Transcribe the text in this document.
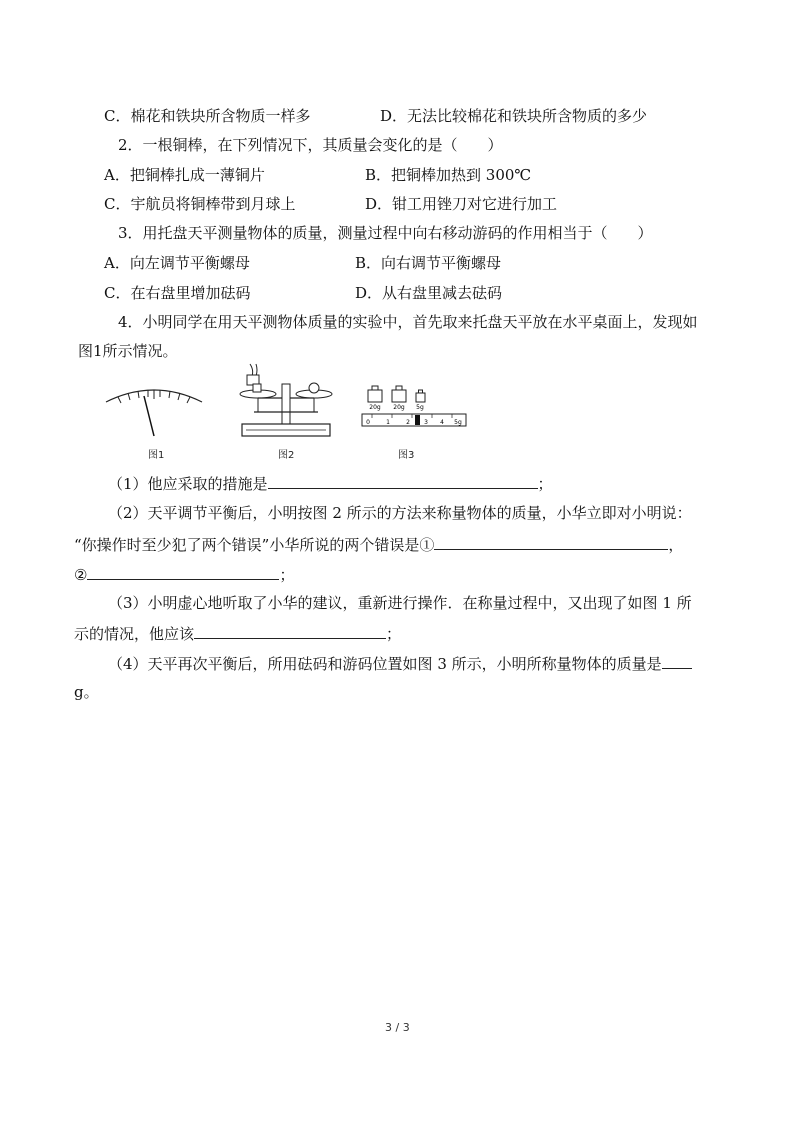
C．棉花和铁块所含物质一样多	D．无法比较棉花和铁块所含物质的多少
2．一根铜棒，在下列情况下，其质量会变化的是（　　）
A．把铜棒扎成一薄铜片	B．把铜棒加热到 300℃
C．宇航员将铜棒带到月球上	D．钳工用锉刀对它进行加工
3．用托盘天平测量物体的质量，测量过程中向右移动游码的作用相当于（　　）
A．向左调节平衡螺母	B．向右调节平衡螺母
C．在右盘里增加砝码	D．从右盘里减去砝码
4．小明同学在用天平测物体质量的实验中，首先取来托盘天平放在水平桌面上，发现如
图1所示情况。
图1	图2
20g 20g 5g
0	1	2 3 4 5g
图3
（1）他应采取的措施是	；
（2）天平调节平衡后，小明按图 2 所示的方法来称量物体的质量，小华立即对小明说：
“你操作时至少犯了两个错误”小华所说的两个错误是①	，
②	；
（3）小明虚心地听取了小华的建议，重新进行操作．在称量过程中，又出现了如图 1 所
示的情况，他应该	；
（4）天平再次平衡后，所用砝码和游码位置如图 3 所示，小明所称量物体的质量是
g。
3 / 3
